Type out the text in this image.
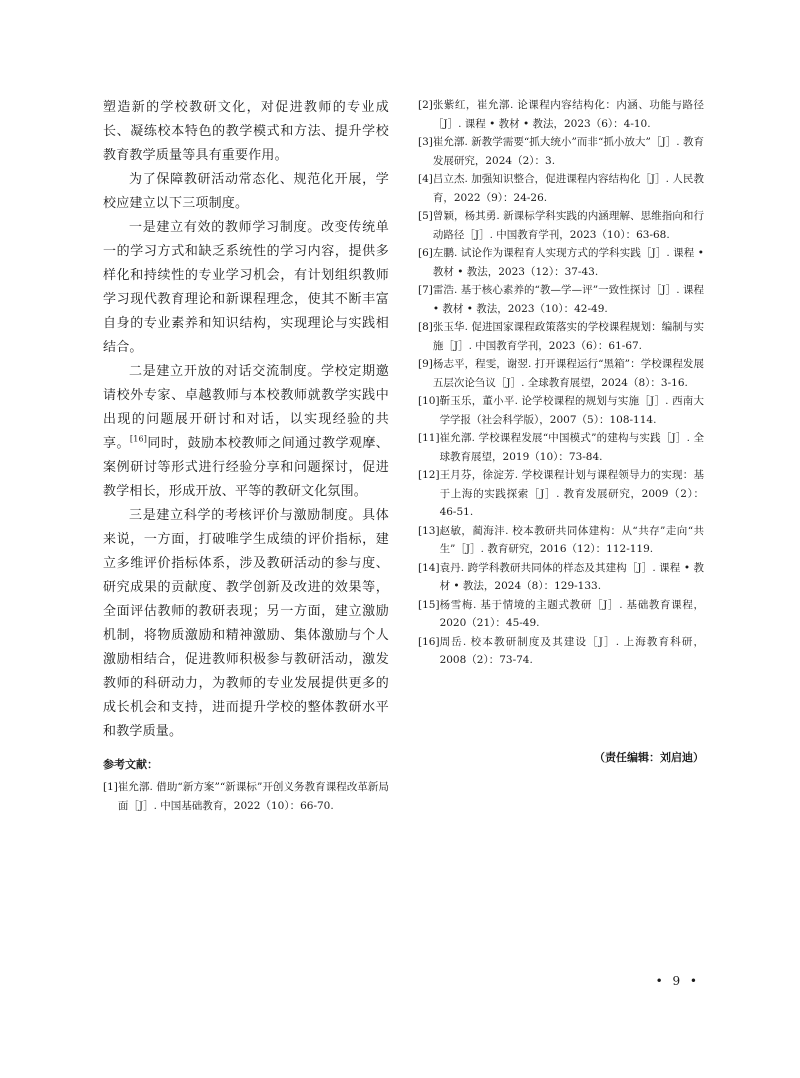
塑造新的学校教研文化，对促进教师的专业成长、凝练校本特色的教学模式和方法、提升学校教育教学质量等具有重要作用。

为了保障教研活动常态化、规范化开展，学校应建立以下三项制度。

一是建立有效的教师学习制度。改变传统单一的学习方式和缺乏系统性的学习内容，提供多样化和持续性的专业学习机会，有计划组织教师学习现代教育理论和新课程理念，使其不断丰富自身的专业素养和知识结构，实现理论与实践相结合。

二是建立开放的对话交流制度。学校定期邀请校外专家、卓越教师与本校教师就教学实践中出现的问题展开研讨和对话，以实现经验的共享。[16]同时，鼓励本校教师之间通过教学观摩、案例研讨等形式进行经验分享和问题探讨，促进教学相长，形成开放、平等的教研文化氛围。

三是建立科学的考核评价与激励制度。具体来说，一方面，打破唯学生成绩的评价指标，建立多维评价指标体系，涉及教研活动的参与度、研究成果的贡献度、教学创新及改进的效果等，全面评估教师的教研表现；另一方面，建立激励机制，将物质激励和精神激励、集体激励与个人激励相结合，促进教师积极参与教研活动，激发教师的科研动力，为教师的专业发展提供更多的成长机会和支持，进而提升学校的整体教研水平和教学质量。

参考文献：
[1] 崔允漷. 借助“新方案”“新课标”开创义务教育课程改革新局面［J］. 中国基础教育，2022（10）：66-70.
[2] 张紫红，崔允漷. 论课程内容结构化：内涵、功能与路径［J］. 课程 • 教材 • 教法，2023（6）：4-10.
[3] 崔允漷. 新教学需要“抓大统小”而非“抓小放大”［J］. 教育发展研究，2024（2）：3.
[4] 吕立杰. 加强知识整合，促进课程内容结构化［J］. 人民教育，2022（9）：24-26.
[5] 曾颖，杨其勇. 新课标学科实践的内涵理解、思维指向和行动路径［J］. 中国教育学刊，2023（10）：63-68.
[6] 左鹏. 试论作为课程育人实现方式的学科实践［J］. 课程 • 教材 • 教法，2023（12）：37-43.
[7] 雷浩. 基于核心素养的“教—学—评”一致性探讨［J］. 课程 • 教材 • 教法，2023（10）：42-49.
[8] 张玉华. 促进国家课程政策落实的学校课程规划：编制与实施［J］. 中国教育学刊，2023（6）：61-67.
[9] 杨志平，程雯，谢翌. 打开课程运行“黑箱”：学校课程发展五层次论刍议［J］. 全球教育展望，2024（8）：3-16.
[10] 靳玉乐，董小平. 论学校课程的规划与实施［J］. 西南大学学报（社会科学版），2007（5）：108-114.
[11] 崔允漷. 学校课程发展“中国模式”的建构与实践［J］. 全球教育展望，2019（10）：73-84.
[12] 王月芬，徐淀芳. 学校课程计划与课程领导力的实现：基于上海的实践探索［J］. 教育发展研究，2009（2）：46-51.
[13] 赵敏，蔺海沣. 校本教研共同体建构：从“共存”走向“共生”［J］. 教育研究，2016（12）：112-119.
[14] 袁丹. 跨学科教研共同体的样态及其建构［J］. 课程 • 教材 • 教法，2024（8）：129-133.
[15] 杨雪梅. 基于情境的主题式教研［J］. 基础教育课程，2020（21）：45-49.
[16] 周岳. 校本教研制度及其建设［J］. 上海教育科研，2008（2）：73-74.
（责任编辑：刘启迪）
• 9 •
